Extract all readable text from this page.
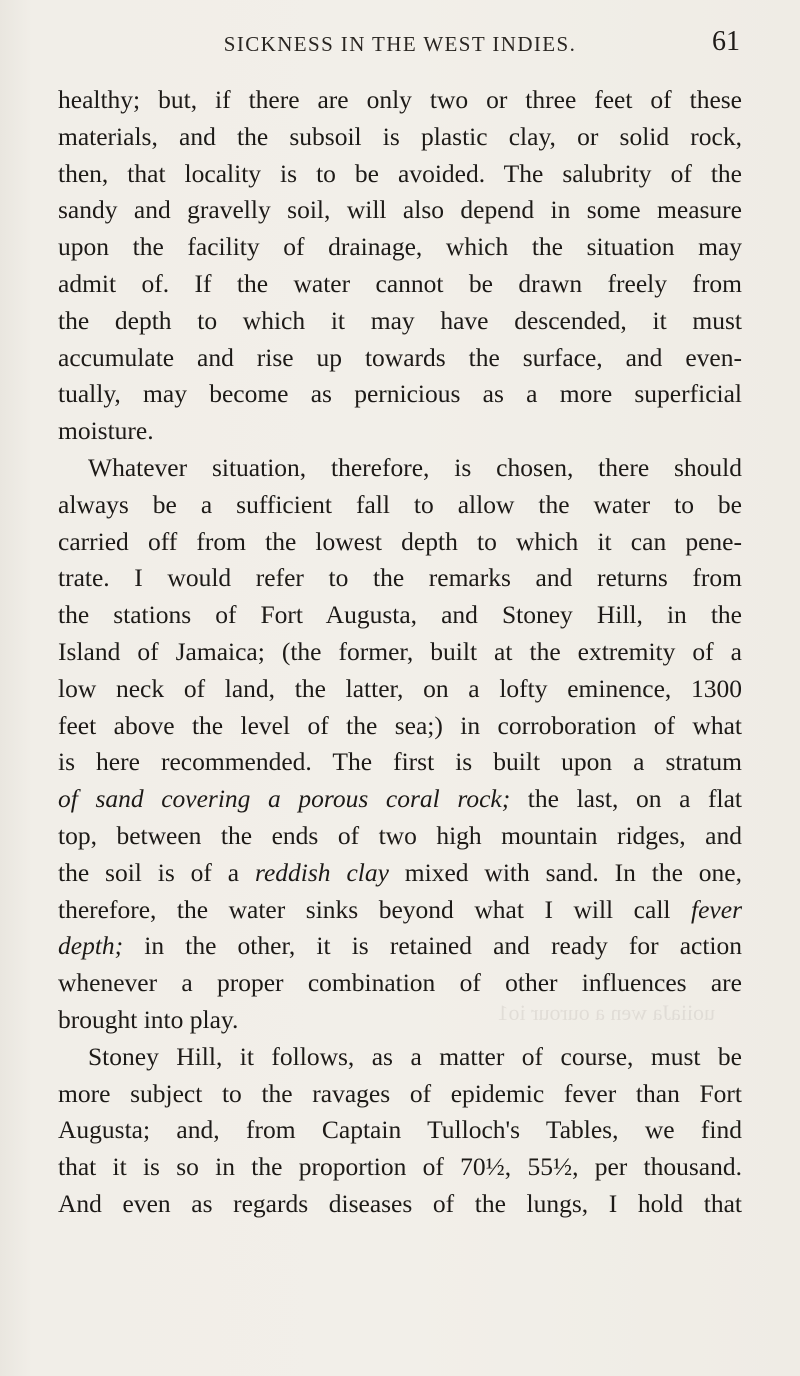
SICKNESS IN THE WEST INDIES.	61
uoiiaJa wen a ourour io1
healthy; but, if there are only two or three feet of these
materials, and the subsoil is plastic clay, or solid rock,
then, that locality is to be avoided. The salubrity of the
sandy and gravelly soil, will also depend in some measure
upon the facility of drainage, which the situation may
admit of. If the water cannot be drawn freely from
the depth to which it may have descended, it must
accumulate and rise up towards the surface, and even-
tually, may become as pernicious as a more superficial
moisture.
Whatever situation, therefore, is chosen, there should
always be a sufficient fall to allow the water to be
carried off from the lowest depth to which it can pene-
trate. I would refer to the remarks and returns from
the stations of Fort Augusta, and Stoney Hill, in the
Island of Jamaica; (the former, built at the extremity of a
low neck of land, the latter, on a lofty eminence, 1300
feet above the level of the sea;) in corroboration of what
is here recommended. The first is built upon a stratum
of sand covering a porous coral rock; the last, on a flat
top, between the ends of two high mountain ridges, and
the soil is of a reddish clay mixed with sand. In the one,
therefore, the water sinks beyond what I will call fever
depth; in the other, it is retained and ready for action
whenever a proper combination of other influences are
brought into play.
Stoney Hill, it follows, as a matter of course, must be
more subject to the ravages of epidemic fever than Fort
Augusta; and, from Captain Tulloch's Tables, we find
that it is so in the proportion of 70½, 55½, per thousand.
And even as regards diseases of the lungs, I hold that
